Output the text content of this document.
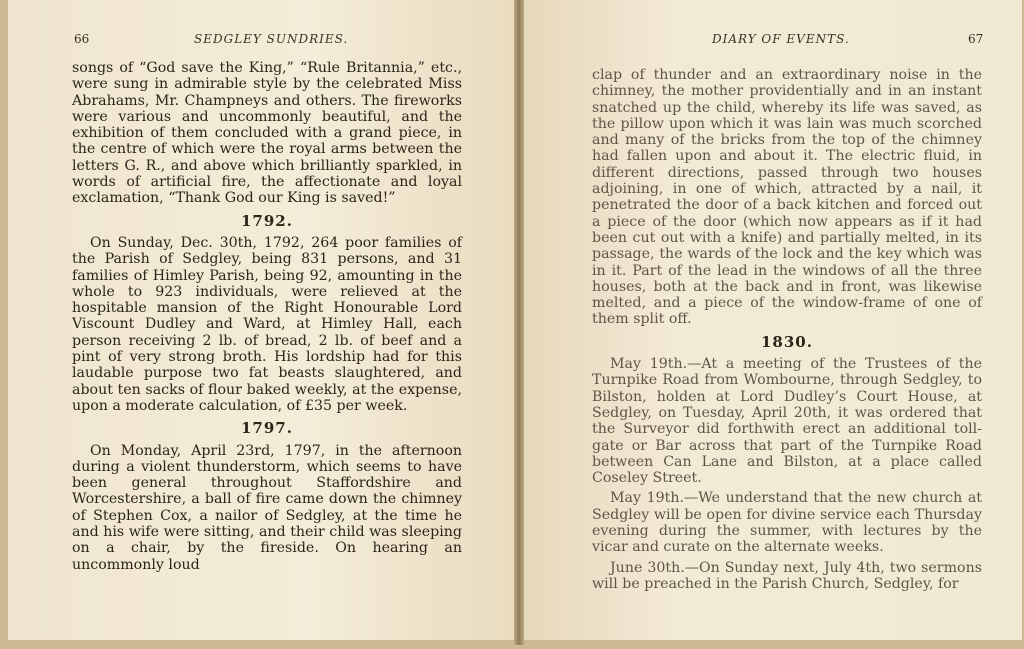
66	SEDGLEY SUNDRIES.

songs of “God save the King,” “Rule Britannia,” etc., were sung in admirable style by the celebrated Miss Abrahams, Mr. Champneys and others. The fireworks were various and uncommonly beautiful, and the exhibition of them concluded with a grand piece, in the centre of which were the royal arms between the letters G. R., and above which brilliantly sparkled, in words of artificial fire, the affectionate and loyal exclamation, “Thank God our King is saved!”

1792.

On Sunday, Dec. 30th, 1792, 264 poor families of the Parish of Sedgley, being 831 persons, and 31 families of Himley Parish, being 92, amounting in the whole to 923 individuals, were relieved at the hospitable mansion of the Right Honourable Lord Viscount Dudley and Ward, at Himley Hall, each person receiving 2 lb. of bread, 2 lb. of beef and a pint of very strong broth. His lordship had for this laudable purpose two fat beasts slaughtered, and about ten sacks of flour baked weekly, at the expense, upon a moderate calculation, of £35 per week.

1797.

On Monday, April 23rd, 1797, in the afternoon during a violent thunderstorm, which seems to have been general throughout Staffordshire and Worcestershire, a ball of fire came down the chimney of Stephen Cox, a nailor of Sedgley, at the time he and his wife were sitting, and their child was sleeping on a chair, by the fireside. On hearing an uncommonly loud

DIARY OF EVENTS.	67

clap of thunder and an extraordinary noise in the chimney, the mother providentially and in an instant snatched up the child, whereby its life was saved, as the pillow upon which it was lain was much scorched and many of the bricks from the top of the chimney had fallen upon and about it. The electric fluid, in different directions, passed through two houses adjoining, in one of which, attracted by a nail, it penetrated the door of a back kitchen and forced out a piece of the door (which now appears as if it had been cut out with a knife) and partially melted, in its passage, the wards of the lock and the key which was in it. Part of the lead in the windows of all the three houses, both at the back and in front, was likewise melted, and a piece of the window-frame of one of them split off.

1830.

May 19th.—At a meeting of the Trustees of the Turnpike Road from Wombourne, through Sedgley, to Bilston, holden at Lord Dudley’s Court House, at Sedgley, on Tuesday, April 20th, it was ordered that the Surveyor did forthwith erect an additional toll-gate or Bar across that part of the Turnpike Road between Can Lane and Bilston, at a place called Coseley Street.

May 19th.—We understand that the new church at Sedgley will be open for divine service each Thursday evening during the summer, with lectures by the vicar and curate on the alternate weeks.

June 30th.—On Sunday next, July 4th, two sermons will be preached in the Parish Church, Sedgley, for
